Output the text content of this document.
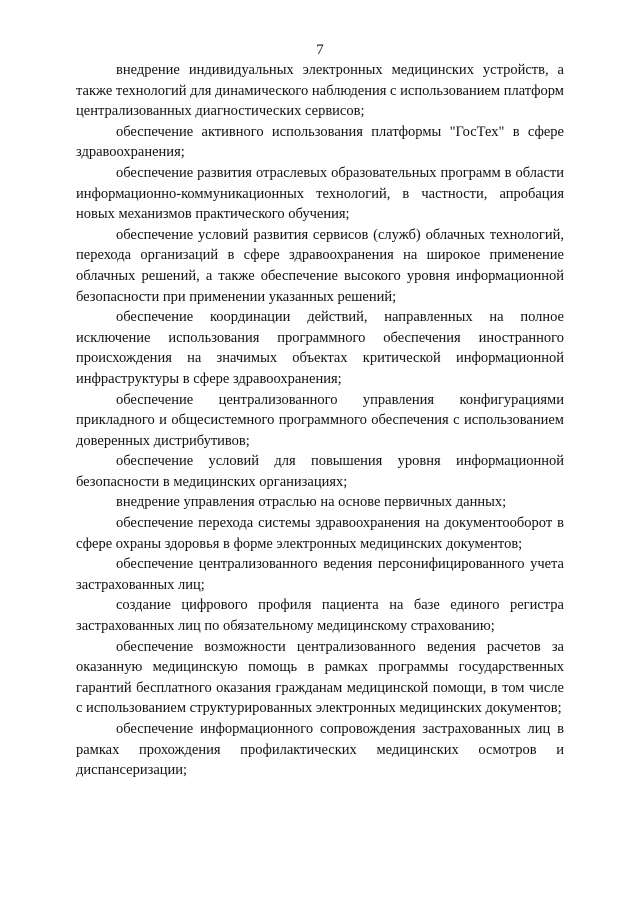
7

внедрение индивидуальных электронных медицинских устройств, а также технологий для динамического наблюдения с использованием платформ централизованных диагностических сервисов;

обеспечение активного использования платформы "ГосТех" в сфере здравоохранения;

обеспечение развития отраслевых образовательных программ в области информационно-коммуникационных технологий, в частности, апробация новых механизмов практического обучения;

обеспечение условий развития сервисов (служб) облачных технологий, перехода организаций в сфере здравоохранения на широкое применение облачных решений, а также обеспечение высокого уровня информационной безопасности при применении указанных решений;

обеспечение координации действий, направленных на полное исключение использования программного обеспечения иностранного происхождения на значимых объектах критической информационной инфраструктуры в сфере здравоохранения;

обеспечение централизованного управления конфигурациями прикладного и общесистемного программного обеспечения с использованием доверенных дистрибутивов;

обеспечение условий для повышения уровня информационной безопасности в медицинских организациях;

внедрение управления отраслью на основе первичных данных;

обеспечение перехода системы здравоохранения на документооборот в сфере охраны здоровья в форме электронных медицинских документов;

обеспечение централизованного ведения персонифицированного учета застрахованных лиц;

создание цифрового профиля пациента на базе единого регистра застрахованных лиц по обязательному медицинскому страхованию;

обеспечение возможности централизованного ведения расчетов за оказанную медицинскую помощь в рамках программы государственных гарантий бесплатного оказания гражданам медицинской помощи, в том числе с использованием структурированных электронных медицинских документов;

обеспечение информационного сопровождения застрахованных лиц в рамках прохождения профилактических медицинских осмотров и диспансеризации;
